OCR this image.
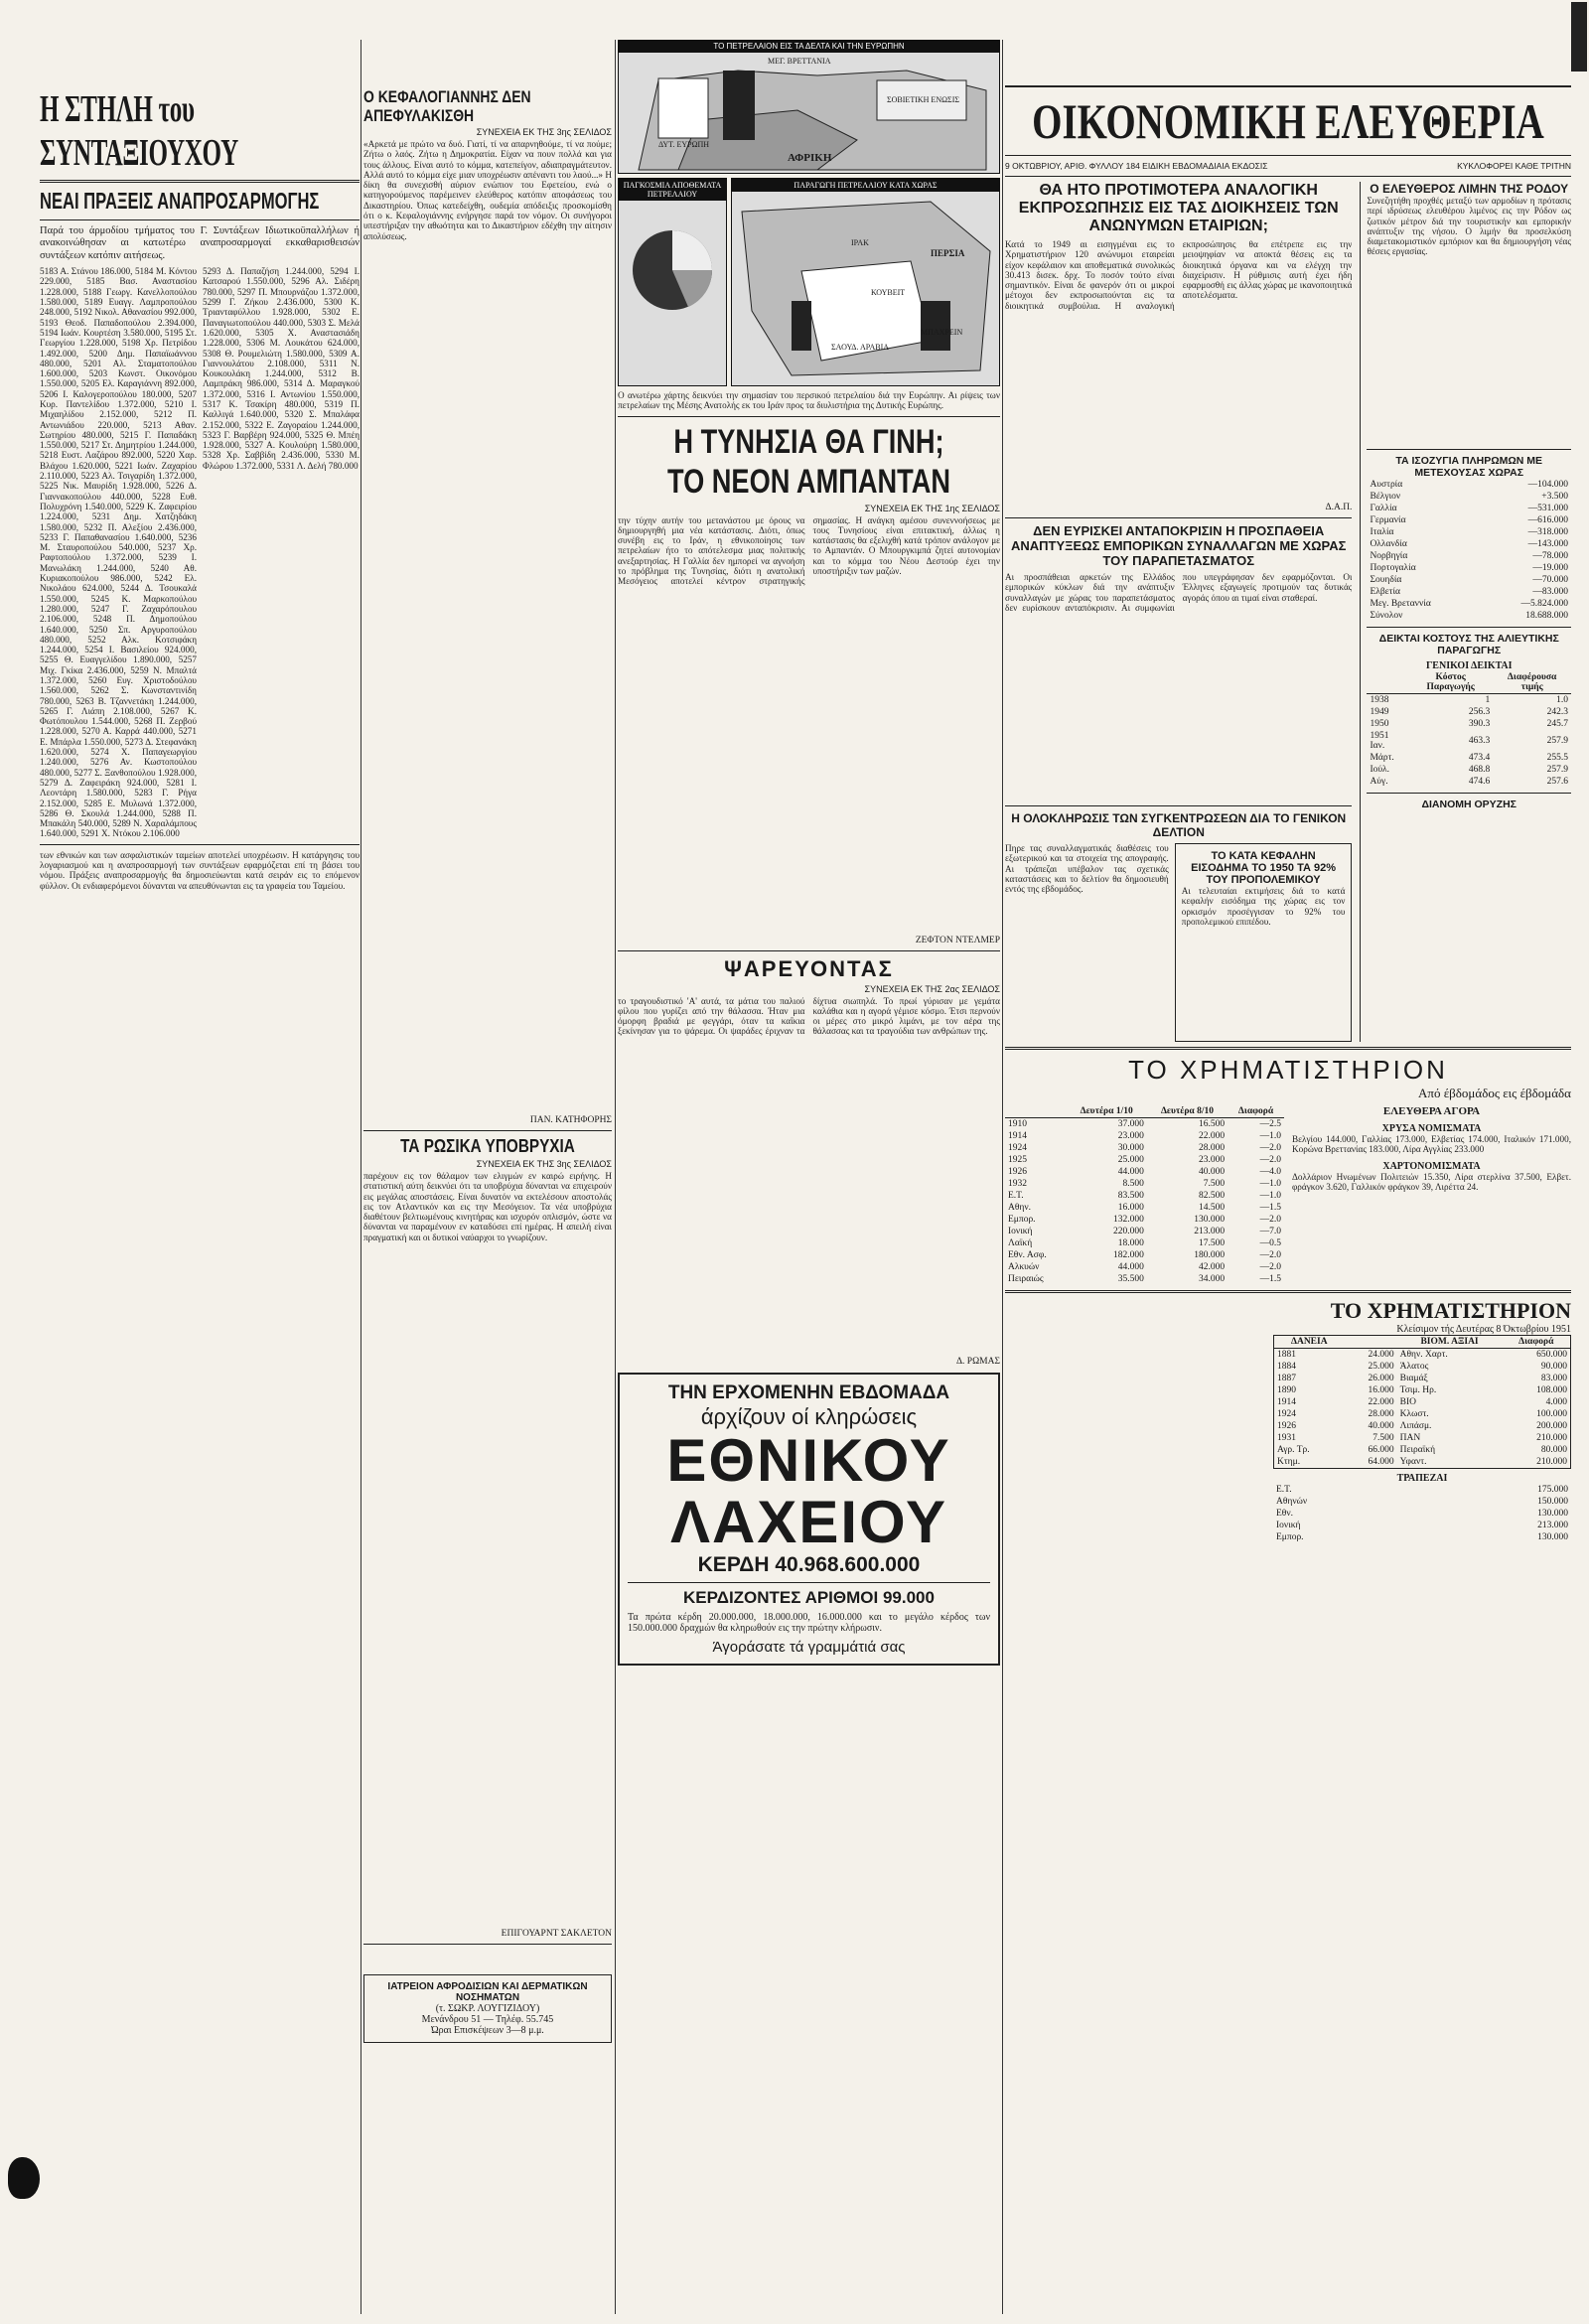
Η ΣΤΗΛΗ του ΣΥΝΤΑΞΙΟΥΧΟΥ
ΝΕΑΙ ΠΡΑΞΕΙΣ ΑΝΑΠΡΟΣΑΡΜΟΓΗΣ
Παρά του άρμοδίου τμήματος του Γ. Συντάξεων Ιδιωτικοϋπαλλήλων ή ανακοινώθησαν αι κατωτέρω αναπροσαρμογαί εκκαθαρισθεισών συντάξεων κατόπιν αιτήσεως.
5183 Α. Στάνου 186.000, 5184 Μ. Κόντου 229.000, 5185 Βασ. Αναστασίου 1.228.000, 5188 Γεωργ. Κανελλοπούλου 1.580.000, 5189 Ευαγγ. Λαμπροπούλου 248.000, 5192 Νικολ. Αθανασίου 992.000, 5193 Θεοδ. Παπαδοπούλου 2.394.000, 5194 Ιωάν. Κουρτέση 3.580.000, 5195 Στ. Γεωργίου 1.228.000, 5198 Χρ. Πετρίδου 1.492.000, 5200 Δημ. Παπαϊωάννου 480.000, 5201 Αλ. Σταματοπούλου 1.600.000, 5203 Κωνστ. Οικονόμου 1.550.000, 5205 Ελ. Καραγιάννη 892.000, 5206 Ι. Καλογεροπούλου 180.000, 5207 Κυρ. Παντελίδου 1.372.000, 5210 Ι. Μιχαηλίδου 2.152.000, 5212 Π. Αντωνιάδου 220.000, 5213 Αθαν. Σωτηρίου 480.000, 5215 Γ. Παπαδάκη 1.550.000, 5217 Στ. Δημητρίου 1.244.000, 5218 Ευστ. Λαζάρου 892.000, 5220 Χαρ. Βλάχου 1.620.000, 5221 Ιωάν. Ζαχαρίου 2.110.000, 5223 Αλ. Τσιγαρίδη 1.372.000, 5225 Νικ. Μαυρίδη 1.928.000, 5226 Δ. Γιαννακοπούλου 440.000, 5228 Ευθ. Πολυχρόνη 1.540.000, 5229 Κ. Ζαφειρίου 1.224.000, 5231 Δημ. Χατζηδάκη 1.580.000, 5232 Π. Αλεξίου 2.436.000, 5233 Γ. Παπαθανασίου 1.640.000, 5236 Μ. Σταυροπούλου 540.000, 5237 Χρ. Ραφτοπούλου 1.372.000, 5239 Ι. Μανωλάκη 1.244.000, 5240 Αθ. Κυριακοπούλου 986.000, 5242 Ελ. Νικολάου 624.000, 5244 Δ. Τσουκαλά 1.550.000, 5245 Κ. Μαρκοπούλου 1.280.000, 5247 Γ. Ζαχαρόπουλου 2.106.000, 5248 Π. Δημοπούλου 1.640.000, 5250 Σπ. Αργυροπούλου 480.000, 5252 Αλκ. Κοτσιφάκη 1.244.000, 5254 Ι. Βασιλείου 924.000, 5255 Θ. Ευαγγελίδου 1.890.000, 5257 Μιχ. Γκίκα 2.436.000, 5259 Ν. Μπαλτά 1.372.000, 5260 Ευγ. Χριστοδούλου 1.560.000, 5262 Σ. Κωνσταντινίδη 780.000, 5263 Β. Τζαννετάκη 1.244.000, 5265 Γ. Λιάπη 2.108.000, 5267 Κ. Φωτόπουλου 1.544.000, 5268 Π. Ζερβού 1.228.000, 5270 Α. Καρρά 440.000, 5271 Ε. Μπάρλα 1.550.000, 5273 Δ. Στεφανάκη 1.620.000, 5274 Χ. Παπαγεωργίου 1.240.000, 5276 Αν. Κωστοπούλου 480.000, 5277 Σ. Ξανθοπούλου 1.928.000, 5279 Δ. Ζαφειράκη 924.000, 5281 Ι. Λεοντάρη 1.580.000, 5283 Γ. Ρήγα 2.152.000, 5285 Ε. Μυλωνά 1.372.000, 5286 Θ. Σκουλά 1.244.000, 5288 Π. Μπακάλη 540.000, 5289 Ν. Χαραλάμπους 1.640.000, 5291 Χ. Ντόκου 2.106.000
5293 Δ. Παπαζήση 1.244.000, 5294 Ι. Κατσαρού 1.550.000, 5296 Αλ. Σιδέρη 780.000, 5297 Π. Μπουρνάζου 1.372.000, 5299 Γ. Ζήκου 2.436.000, 5300 Κ. Τριανταφύλλου 1.928.000, 5302 Ε. Παναγιωτοπούλου 440.000, 5303 Σ. Μελά 1.620.000, 5305 Χ. Αναστασιάδη 1.228.000, 5306 Μ. Λουκάτου 624.000, 5308 Θ. Ρουμελιώτη 1.580.000, 5309 Α. Γιαννουλάτου 2.108.000, 5311 Ν. Κουκουλάκη 1.244.000, 5312 Β. Λαμπράκη 986.000, 5314 Δ. Μαραγκού 1.372.000, 5316 Ι. Αντωνίου 1.550.000, 5317 Κ. Τσακίρη 480.000, 5319 Π. Καλλιγά 1.640.000, 5320 Σ. Μπαλάφα 2.152.000, 5322 Ε. Ζαγοραίου 1.244.000, 5323 Γ. Βαρβέρη 924.000, 5325 Θ. Μπέη 1.928.000, 5327 Α. Κουλούρη 1.580.000, 5328 Χρ. Σαββίδη 2.436.000, 5330 Μ. Φλώρου 1.372.000, 5331 Λ. Δελή 780.000
των εθνικών και των ασφαλιστικών ταμείων αποτελεί υποχρέωσιν. Η κατάργησις του λογαριασμού και η αναπροσαρμογή των συντάξεων εφαρμόζεται επί τη βάσει του νόμου. Πράξεις αναπροσαρμογής θα δημοσιεύωνται κατά σειράν εις το επόμενον φύλλον. Οι ενδιαφερόμενοι δύνανται να απευθύνωνται εις τα γραφεία του Ταμείου.
Ο ΚΕΦΑΛΟΓΙΑΝΝΗΣ ΔΕΝ ΑΠΕΦΥΛΑΚΙΣΘΗ
ΣΥΝΕΧΕΙΑ ΕΚ ΤΗΣ 3ης ΣΕΛΙΔΟΣ
«Αρκετά με πρώτο να δυό. Γιατί, τί να απαρνηθούμε, τί να πούμε; Ζήτω ο λαός. Ζήτω η Δημοκρατία. Είχαν να πουν πολλά και για τους άλλους. Είναι αυτό το κόμμα, κατεπείγον, αδιαπραγμάτευτον. Αλλά αυτό το κόμμα είχε μιαν υποχρέωσιν απέναντι του λαού...» Η δίκη θα συνεχισθή αύριον ενώπιον του Εφετείου, ενώ ο κατηγορούμενος παρέμεινεν ελεύθερος κατόπιν αποφάσεως του Δικαστηρίου. Όπως κατεδείχθη, ουδεμία απόδειξις προσκομίσθη ότι ο κ. Κεφαλογιάννης ενήργησε παρά τον νόμον. Οι συνήγοροι υπεστήριξαν την αθωότητα και το Δικαστήριον εδέχθη την αίτησιν απολύσεως.
ΠΑΝ. ΚΑΤΗΦΟΡΗΣ
ΤΑ ΡΩΣΙΚΑ ΥΠΟΒΡΥΧΙΑ
ΣΥΝΕΧΕΙΑ ΕΚ ΤΗΣ 3ης ΣΕΛΙΔΟΣ
παρέχουν εις τον θάλαμον των ελιγμών εν καιρώ ειρήνης. Η στατιστική αύτη δεικνύει ότι τα υποβρύχια δύνανται να επιχειρούν εις μεγάλας αποστάσεις. Είναι δυνατόν να εκτελέσουν αποστολάς εις τον Ατλαντικόν και εις την Μεσόγειον. Τα νέα υποβρύχια διαθέτουν βελτιωμένους κινητήρας και ισχυρόν οπλισμόν, ώστε να δύνανται να παραμένουν εν καταδύσει επί ημέρας. Η απειλή είναι πραγματική και οι δυτικοί ναύαρχοι το γνωρίζουν.
ΕΠΙΓΟΥΑΡΝΤ ΣΑΚΛΕΤΟΝ
ΙΑΤΡΕΙΟΝ ΑΦΡΟΔΙΣΙΩΝ ΚΑΙ ΔΕΡΜΑΤΙΚΩΝ ΝΟΣΗΜΑΤΩΝ
(τ. ΣΩΚΡ. ΛΟΥΓΙΖΙΔΟΥ)
Μενάνδρου 51 — Τηλέφ. 55.745
Ώραι Επισκέψεων 3—8 μ.μ.
ΤΟ ΠΕΤΡΕΛΑΙΟΝ ΕΙΣ ΤΑ ΔΕΛΤΑ ΚΑΙ ΤΗΝ ΕΥΡΩΠΗΝ
ΜΕΓ. ΒΡΕΤΤΑΝΙΑ
ΔΥΤ. ΕΥΡΩΠΗ
ΣΟΒΙΕΤΙΚΗ ΕΝΩΣΙΣ
ΑΦΡΙΚΗ
ΠΑΓΚΟΣΜΙΑ ΑΠΟΘΕΜΑΤΑ ΠΕΤΡΕΛΑΙΟΥ
ΠΑΡΑΓΩΓΗ ΠΕΤΡΕΛΑΙΟΥ ΚΑΤΑ ΧΩΡΑΣ
ΠΕΡΣΙΑ
ΙΡΑΚ
ΚΟΥΒΕΙΤ
ΣΑΟΥΔ. ΑΡΑΒΙΑ
ΜΠΑΧΡΕΙΝ
Ο ανωτέρω χάρτης δεικνύει την σημασίαν του περσικού πετρελαίου διά την Ευρώπην. Αι ρίψεις των πετρελαίων της Μέσης Ανατολής εκ του Ιράν προς τα διυλιστήρια της Δυτικής Ευρώπης.
Η ΤΥΝΗΣΙΑ ΘΑ ΓΙΝΗ; ΤΟ ΝΕΟΝ ΑΜΠΑΝΤΑΝ
ΣΥΝΕΧΕΙΑ ΕΚ ΤΗΣ 1ης ΣΕΛΙΔΟΣ
την τύχην αυτήν του μετανάστου με όρους να δημιουργηθή μια νέα κατάστασις. Διότι, όπως συνέβη εις το Ιράν, η εθνικοποίησις των πετρελαίων ήτο το απότελεσμα μιας πολιτικής ανεξαρτησίας. Η Γαλλία δεν ημπορεί να αγνοήση το πρόβλημα της Τυνησίας, διότι η ανατολική Μεσόγειος αποτελεί κέντρον στρατηγικής σημασίας. Η ανάγκη αμέσου συνεννοήσεως με τους Τυνησίους είναι επιτακτική, άλλως η κατάστασις θα εξελιχθή κατά τρόπον ανάλογον με το Αμπαντάν. Ο Μπουργκιμπά ζητεί αυτονομίαν και το κόμμα του Νέου Δεστούρ έχει την υποστήριξιν των μαζών.
ΖΕΦΤΟΝ ΝΤΕΛΜΕΡ
ΨΑΡΕΥΟΝΤΑΣ
ΣΥΝΕΧΕΙΑ ΕΚ ΤΗΣ 2ας ΣΕΛΙΔΟΣ
το τραγουδιστικό 'Α' αυτά, τα μάτια του παλιού φίλου που γυρίζει από την θάλασσα. Ήταν μια όμορφη βραδιά με φεγγάρι, όταν τα καΐκια ξεκίνησαν για το ψάρεμα. Οι ψαράδες έριχναν τα δίχτυα σιωπηλά. Το πρωί γύρισαν με γεμάτα καλάθια και η αγορά γέμισε κόσμο. Έτσι περνούν οι μέρες στο μικρό λιμάνι, με τον αέρα της θάλασσας και τα τραγούδια των ανθρώπων της.
Δ. ΡΩΜΑΣ
ΤΗΝ ΕΡΧΟΜΕΝΗΝ ΕΒΔΟΜΑΔΑ
άρχίζουν οί κληρώσεις
ΕΘΝΙΚΟΥ
ΛΑΧΕΙΟΥ
ΚΕΡΔΗ 40.968.600.000
ΚΕΡΔΙΖΟΝΤΕΣ ΑΡΙΘΜΟΙ 99.000
Τα πρώτα κέρδη 20.000.000, 18.000.000, 16.000.000 και το μεγάλο κέρδος των 150.000.000 δραχμών θα κληρωθούν εις την πρώτην κλήρωσιν.
Άγοράσατε τά γραμμάτιά σας
ΟΙΚΟΝΟΜΙΚΗ ΕΛΕΥΘΕΡΙΑ
9 ΟΚΤΩΒΡΙΟΥ, ΑΡΙΘ. ΦΥΛΛΟΥ 184 ΕΙΔΙΚΗ ΕΒΔΟΜΑΔΙΑΙΑ ΕΚΔΟΣΙΣ	ΚΥΚΛΟΦΟΡΕΙ ΚΑΘΕ ΤΡΙΤΗΝ
ΘΑ ΗΤΟ ΠΡΟΤΙΜΟΤΕΡΑ ΑΝΑΛΟΓΙΚΗ ΕΚΠΡΟΣΩΠΗΣΙΣ ΕΙΣ ΤΑΣ ΔΙΟΙΚΗΣΕΙΣ ΤΩΝ ΑΝΩΝΥΜΩΝ ΕΤΑΙΡΙΩΝ;
Κατά το 1949 αι εισηγμέναι εις το Χρηματιστήριον 120 ανώνυμοι εταιρείαι είχον κεφάλαιον και αποθεματικά συνολικώς 30.413 δισεκ. δρχ. Το ποσόν τούτο είναι σημαντικόν. Είναι δε φανερόν ότι οι μικροί μέτοχοι δεν εκπροσωπούνται εις τα διοικητικά συμβούλια. Η αναλογική εκπροσώπησις θα επέτρεπε εις την μειοψηφίαν να αποκτά θέσεις εις τα διοικητικά όργανα και να ελέγχη την διαχείρισιν. Η ρύθμισις αυτή έχει ήδη εφαρμοσθή εις άλλας χώρας με ικανοποιητικά αποτελέσματα.
Δ.Α.Π.
ΔΕΝ ΕΥΡΙΣΚΕΙ ΑΝΤΑΠΟΚΡΙΣΙΝ Η ΠΡΟΣΠΑΘΕΙΑ ΑΝΑΠΤΥΞΕΩΣ ΕΜΠΟΡΙΚΩΝ ΣΥΝΑΛΛΑΓΩΝ ΜΕ ΧΩΡΑΣ ΤΟΥ ΠΑΡΑΠΕΤΑΣΜΑΤΟΣ
Αι προσπάθειαι αρκετών της Ελλάδος εμπορικών κύκλων διά την ανάπτυξιν συναλλαγών με χώρας του παραπετάσματος δεν ευρίσκουν ανταπόκρισιν. Αι συμφωνίαι που υπεγράφησαν δεν εφαρμόζονται. Οι Έλληνες εξαγωγείς προτιμούν τας δυτικάς αγοράς όπου αι τιμαί είναι σταθεραί.
Η ΟΛΟΚΛΗΡΩΣΙΣ ΤΩΝ ΣΥΓΚΕΝΤΡΩΣΕΩΝ ΔΙΑ ΤΟ ΓΕΝΙΚΟΝ ΔΕΛΤΙΟΝ
Πηρε τας συναλλαγματικάς διαθέσεις του εξωτερικού και τα στοιχεία της απογραφής. Αι τράπεζαι υπέβαλον τας σχετικάς καταστάσεις και το δελτίον θα δημοσιευθή εντός της εβδομάδος.
ΤΟ ΚΑΤΑ ΚΕΦΑΛΗΝ ΕΙΣΟΔΗΜΑ ΤΟ 1950 ΤΑ 92% ΤΟΥ ΠΡΟΠΟΛΕΜΙΚΟΥ
Αι τελευταίαι εκτιμήσεις διά το κατά κεφαλήν εισόδημα της χώρας εις τον ορκισμόν προσέγγισαν το 92% του προπολεμικού επιπέδου.
Ο ΕΛΕΥΘΕΡΟΣ ΛΙΜΗΝ ΤΗΣ ΡΟΔΟΥ
Συνεζητήθη προχθές μεταξύ των αρμοδίων η πρότασις περί ιδρύσεως ελευθέρου λιμένος εις την Ρόδον ως ζωτικόν μέτρον διά την τουριστικήν και εμπορικήν ανάπτυξιν της νήσου. Ο λιμήν θα προσελκύση διαμετακομιστικόν εμπόριον και θα δημιουργήση νέας θέσεις εργασίας.
ΤΑ ΙΣΟΖΥΓΙΑ ΠΛΗΡΩΜΩΝ ΜΕ ΜΕΤΕΧΟΥΣΑΣ ΧΩΡΑΣ
Αυστρία	—104.000
Βέλγιον	+3.500
Γαλλία	—531.000
Γερμανία	—616.000
Ιταλία	—318.000
Ολλανδία	—143.000
Νορβηγία	—78.000
Πορτογαλία	—19.000
Σουηδία	—70.000
Ελβετία	—83.000
Μεγ. Βρεταννία	—5.824.000
Σύνολον	18.688.000
ΔΕΙΚΤΑΙ ΚΟΣΤΟΥΣ ΤΗΣ ΑΛΙΕΥΤΙΚΗΣ ΠΑΡΑΓΩΓΗΣ
ΓΕΝΙΚΟΙ ΔΕΙΚΤΑΙ
	Κόστος Παραγωγής	Διαφέρουσα τιμής
1938	1	1.0
1949	256.3	242.3
1950	390.3	245.7
1951 Ιαν.	463.3	257.9
Μάρτ.	473.4	255.5
Ιούλ.	468.8	257.9
Αύγ.	474.6	257.6
ΔΙΑΝΟΜΗ ΟΡΥΖΗΣ
ΤΟ ΧΡΗΜΑΤΙΣΤΗΡΙΟΝ
Από έβδομάδος εις έβδομάδα
	Δευτέρα 1/10	Δευτέρα 8/10	Διαφορά
1910	37.000	16.500	—2.5
1914	23.000	22.000	—1.0
1924	30.000	28.000	—2.0
1925	25.000	23.000	—2.0
1926	44.000	40.000	—4.0
1932	8.500	7.500	—1.0
Ε.Τ.	83.500	82.500	—1.0
Αθην.	16.000	14.500	—1.5
Εμπορ.	132.000	130.000	—2.0
Ιονική	220.000	213.000	—7.0
Λαϊκή	18.000	17.500	—0.5
Εθν. Ασφ.	182.000	180.000	—2.0
Αλκυών	44.000	42.000	—2.0
Πειραιώς	35.500	34.000	—1.5
ΕΛΕΥΘΕΡΑ ΑΓΟΡΑ
ΧΡΥΣΑ ΝΟΜΙΣΜΑΤΑ
Βελγίου 144.000, Γαλλίας 173.000, Ελβετίας 174.000, Ιταλικόν 171.000, Κορώνα Βρεττανίας 183.000, Λίρα Αγγλίας 233.000
ΧΑΡΤΟΝΟΜΙΣΜΑΤΑ
Δολλάριον Ηνωμένων Πολιτειών 15.350, Λίρα στερλίνα 37.500, Ελβετ. φράγκον 3.620, Γαλλικόν φράγκον 39, Λιρέττα 24.
ΤΟ ΧΡΗΜΑΤΙΣΤΗΡΙΟΝ
Κλείσιμον τής Δευτέρας 8 Όκτωβρίου 1951
ΔΑΝΕΙΑ		ΒΙΟΜ. ΑΞΙΑΙ	Διαφορά
1881	24.000	Αθην. Χαρτ.	650.000
1884	25.000	Άλατος	90.000
1887	26.000	Βιαμάξ	83.000
1890	16.000	Τσιμ. Ηρ.	108.000
1914	22.000	ΒΙΟ	4.000
1924	28.000	Κλωστ.	100.000
1926	40.000	Λιπάσμ.	200.000
1931	7.500	ΠΑΝ	210.000
Αγρ. Τρ.	66.000	Πειραϊκή	80.000
Κτημ.	64.000	Υφαντ.	210.000
ΤΡΑΠΕΖΑΙ
Ε.Τ.	175.000
Αθηνών	150.000
Εθν.	130.000
Ιονική	213.000
Εμπορ.	130.000
